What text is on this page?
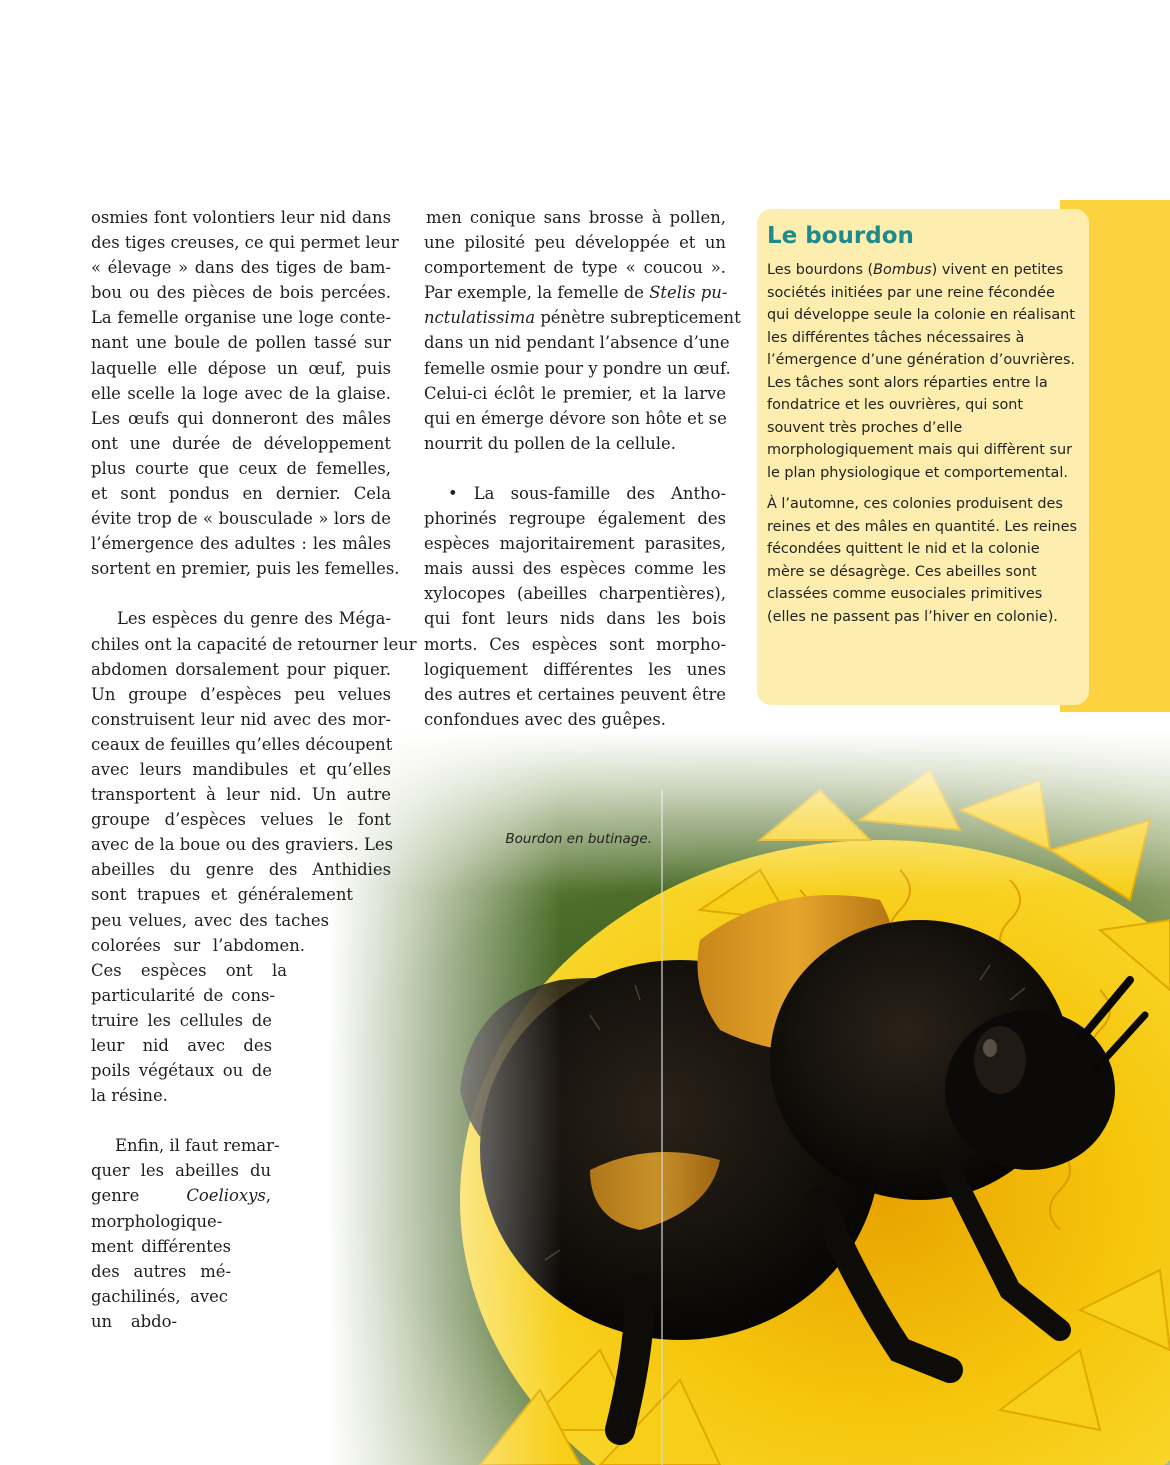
Le bourdon

Les bourdons (Bombus) vivent en petites sociétés initiées par une reine fécondée qui développe seule la colonie en réalisant les différentes tâches nécessaires à l’émergence d’une génération d’ouvrières. Les tâches sont alors réparties entre la fondatrice et les ouvrières, qui sont souvent très proches d’elle morphologiquement mais qui diffèrent sur le plan physiologique et comportemental.

À l’automne, ces colonies produisent des reines et des mâles en quantité. Les reines fécondées quittent le nid et la colonie mère se désagrège. Ces abeilles sont classées comme eusociales primitives (elles ne passent pas l’hiver en colonie).

osmies font volontiers leur nid dans
des tiges creuses, ce qui permet leur
« élevage » dans des tiges de bam-
bou ou des pièces de bois percées.
La femelle organise une loge conte-
nant une boule de pollen tassé sur
laquelle elle dépose un œuf, puis
elle scelle la loge avec de la glaise.
Les œufs qui donneront des mâles
ont une durée de développement
plus courte que ceux de femelles,
et sont pondus en dernier. Cela
évite trop de « bousculade » lors de
l’émergence des adultes : les mâles
sortent en premier, puis les femelles.

Les espèces du genre des Méga-
chiles ont la capacité de retourner leur
abdomen dorsalement pour piquer.
Un groupe d’espèces peu velues
construisent leur nid avec des mor-
ceaux de feuilles qu’elles découpent
avec leurs mandibules et qu’elles
transportent à leur nid. Un autre
groupe d’espèces velues le font
avec de la boue ou des graviers. Les
abeilles du genre des Anthidies
sont trapues et généralement
peu velues, avec des taches
colorées sur l’abdomen.
Ces espèces ont la
particularité de cons-
truire les cellules de
leur nid avec des
poils végétaux ou de
la résine.

Enfin, il faut remar-
quer les abeilles du
genre	Coelioxys,
morphologique-
ment différentes
des autres mé-
gachilinés, avec
un abdo-

men conique sans brosse à pollen,
une pilosité peu développée et un
comportement de type « coucou ».
Par exemple, la femelle de Stelis pu-
nctulatissima pénètre subrepticement
dans un nid pendant l’absence d’une
femelle osmie pour y pondre un œuf.
Celui-ci éclôt le premier, et la larve
qui en émerge dévore son hôte et se
nourrit du pollen de la cellule.

• La sous-famille des Antho-
phorinés regroupe également des
espèces majoritairement parasites,
mais aussi des espèces comme les
xylocopes (abeilles charpentières),
qui font leurs nids dans les bois
morts. Ces espèces sont morpho-
logiquement différentes les unes
des autres et certaines peuvent être
confondues avec des guêpes.

Bourdon en butinage.
